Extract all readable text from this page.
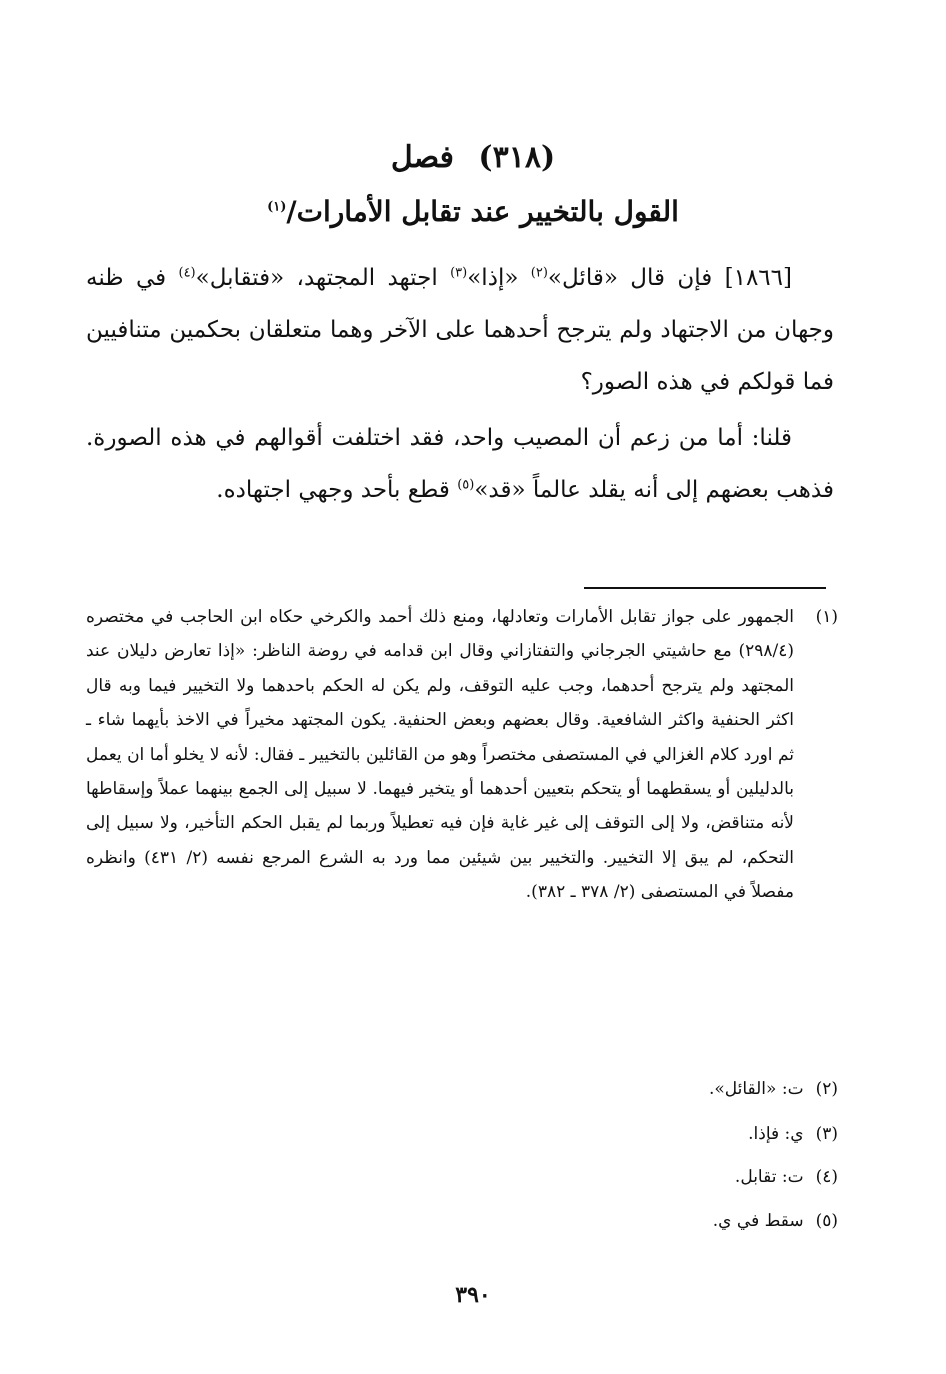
(٣١٨) فصل
القول بالتخيير عند تقابل الأمارات/$^{(١)}$
[١٨٦٦] فإن قال «قائل»$^{(٢)}$ «إذا»$^{(٣)}$ اجتهد المجتهد، «فتقابل»$^{(٤)}$ في ظنه وجهان من الاجتهاد ولم يترجح أحدهما على الآخر وهما متعلقان بحكمين متنافيين فما قولكم في هذه الصور؟
قلنا: أما من زعم أن المصيب واحد، فقد اختلفت أقوالهم في هذه الصورة. فذهب بعضهم إلى أنه يقلد عالماً «قد»$^{(٥)}$ قطع بأحد وجهي اجتهاده.
(١)
الجمهور على جواز تقابل الأمارات وتعادلها، ومنع ذلك أحمد والكرخي حكاه ابن الحاجب في مختصره (٢٩٨/٤) مع حاشيتي الجرجاني والتفتازاني وقال ابن قدامه في روضة الناظر: «إذا تعارض دليلان عند المجتهد ولم يترجح أحدهما، وجب عليه التوقف، ولم يكن له الحكم باحدهما ولا التخيير فيما وبه قال اكثر الحنفية واكثر الشافعية. وقال بعضهم وبعض الحنفية. يكون المجتهد مخيراً في الاخذ بأيهما شاء ـ ثم اورد كلام الغزالي في المستصفى مختصراً وهو من القائلين بالتخيير ـ فقال: لأنه لا يخلو أما ان يعمل بالدليلين أو يسقطهما أو يتحكم بتعيين أحدهما أو يتخير فيهما. لا سبيل إلى الجمع بينهما عملاً وإسقاطها لأنه متناقض، ولا إلى التوقف إلى غير غاية فإن فيه تعطيلاً وربما لم يقبل الحكم التأخير، ولا سبيل إلى التحكم، لم يبق إلا التخيير. والتخيير بين شيئين مما ورد به الشرع المرجع نفسه (٢/ ٤٣١) وانظره مفصلاً في المستصفى (٢/ ٣٧٨ ـ ٣٨٢).
(٢)ت: «القائل».
(٣)ي: فإذا.
(٤)ت: تقابل.
(٥)سقط في ي.
٣٩٠
